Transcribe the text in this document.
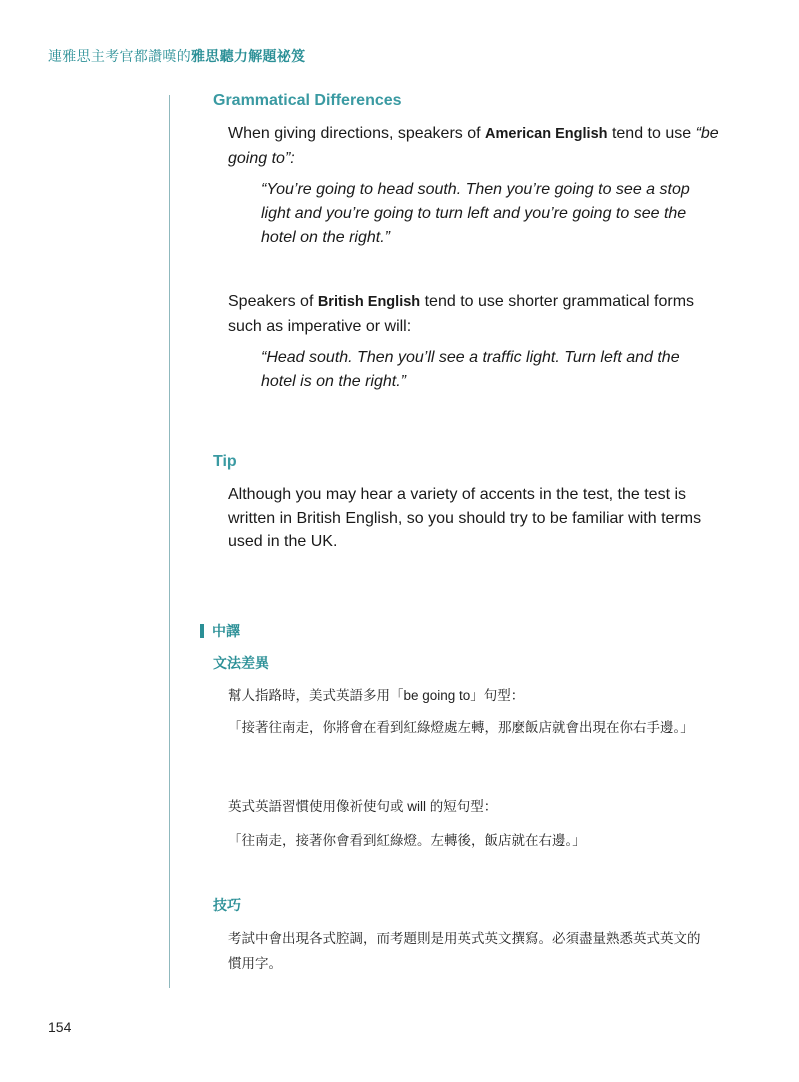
連雅思主考官都讚嘆的雅思聽力解題祕笈
Grammatical Differences
When giving directions, speakers of American English tend to use “be going to”:
“You’re going to head south. Then you’re going to see a stop light and you’re going to turn left and you’re going to see the hotel on the right.”
Speakers of British English tend to use shorter grammatical forms such as imperative or will:
“Head south. Then you’ll see a traffic light. Turn left and the hotel is on the right.”
Tip
Although you may hear a variety of accents in the test, the test is written in British English, so you should try to be familiar with terms used in the UK.
中譯
文法差異
幫人指路時，美式英語多用「be going to」句型：
「接著往南走，你將會在看到紅綠燈處左轉，那麼飯店就會出現在你右手邊。」
英式英語習慣使用像祈使句或 will 的短句型：
「往南走，接著你會看到紅綠燈。左轉後，飯店就在右邊。」
技巧
考試中會出現各式腔調，而考題則是用英式英文撰寫。必須盡量熟悉英式英文的慣用字。
154
